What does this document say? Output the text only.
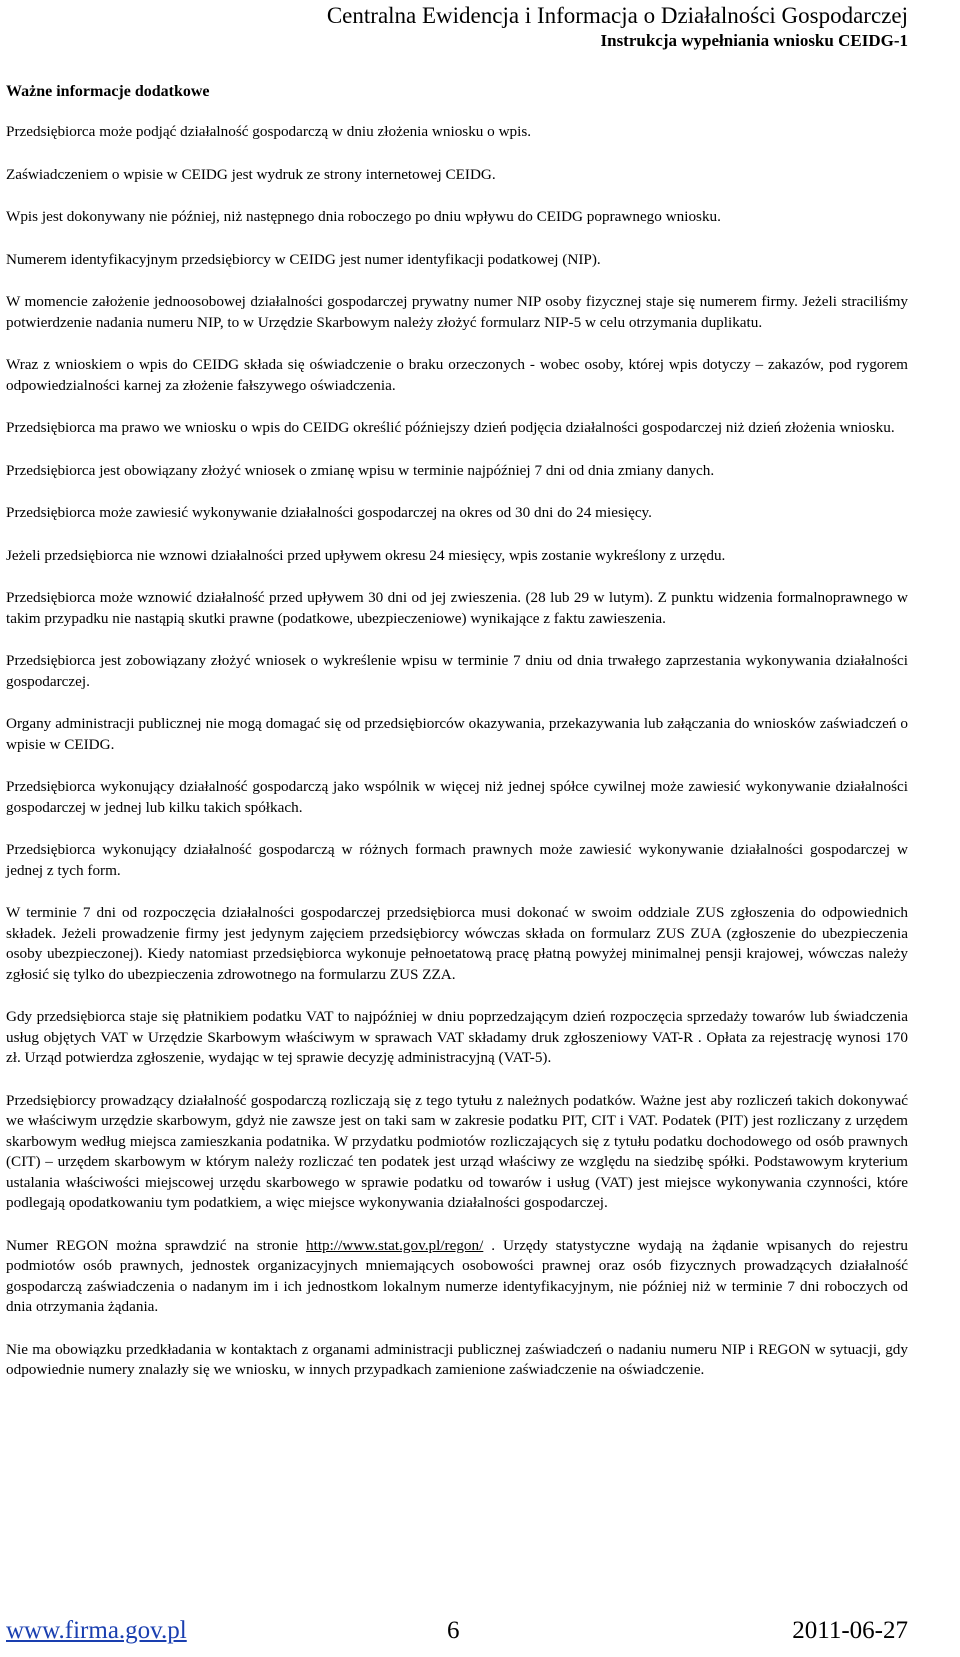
Centralna Ewidencja i Informacja o Działalności Gospodarczej
Instrukcja wypełniania wniosku CEIDG-1
Ważne informacje dodatkowe

Przedsiębiorca może podjąć działalność gospodarczą w dniu złożenia wniosku o wpis.

Zaświadczeniem o wpisie w CEIDG jest wydruk ze strony internetowej CEIDG.

Wpis jest dokonywany nie później, niż następnego dnia roboczego po dniu wpływu do CEIDG poprawnego wniosku.

Numerem identyfikacyjnym przedsiębiorcy w CEIDG jest numer identyfikacji podatkowej (NIP).

W momencie założenie jednoosobowej działalności gospodarczej prywatny numer NIP osoby fizycznej staje się numerem firmy. Jeżeli straciliśmy potwierdzenie nadania numeru NIP, to w Urzędzie Skarbowym należy złożyć formularz NIP-5 w celu otrzymania duplikatu.

Wraz z wnioskiem o wpis do CEIDG składa się oświadczenie o braku orzeczonych - wobec osoby, której wpis dotyczy – zakazów, pod rygorem odpowiedzialności karnej za złożenie fałszywego oświadczenia.

Przedsiębiorca ma prawo we wniosku o wpis do CEIDG określić późniejszy dzień podjęcia działalności gospodarczej niż dzień złożenia wniosku.

Przedsiębiorca jest obowiązany złożyć wniosek o zmianę wpisu w terminie najpóźniej 7 dni od dnia zmiany danych.

Przedsiębiorca może zawiesić wykonywanie działalności gospodarczej na okres od 30 dni do 24 miesięcy.

Jeżeli przedsiębiorca nie wznowi działalności przed upływem okresu 24 miesięcy, wpis zostanie wykreślony z urzędu.

Przedsiębiorca może wznowić działalność przed upływem 30 dni od jej zwieszenia. (28 lub 29 w lutym). Z punktu widzenia formalnoprawnego w takim przypadku nie nastąpią skutki prawne (podatkowe, ubezpieczeniowe) wynikające z faktu zawieszenia.

Przedsiębiorca jest zobowiązany złożyć wniosek o wykreślenie wpisu w terminie 7 dniu od dnia trwałego zaprzestania wykonywania działalności gospodarczej.

Organy administracji publicznej nie mogą domagać się od przedsiębiorców okazywania, przekazywania lub załączania do wniosków zaświadczeń o wpisie w CEIDG.

Przedsiębiorca wykonujący działalność gospodarczą jako wspólnik w więcej niż jednej spółce cywilnej może zawiesić wykonywanie działalności gospodarczej w jednej lub kilku takich spółkach.

Przedsiębiorca wykonujący działalność gospodarczą w różnych formach prawnych może zawiesić wykonywanie działalności gospodarczej w jednej z tych form.

W terminie 7 dni od rozpoczęcia działalności gospodarczej przedsiębiorca musi dokonać w swoim oddziale ZUS zgłoszenia do odpowiednich składek. Jeżeli prowadzenie firmy jest jedynym zajęciem przedsiębiorcy wówczas składa on formularz ZUS ZUA (zgłoszenie do ubezpieczenia osoby ubezpieczonej). Kiedy natomiast przedsiębiorca wykonuje pełnoetatową pracę płatną powyżej minimalnej pensji krajowej, wówczas należy zgłosić się tylko do ubezpieczenia zdrowotnego na formularzu ZUS ZZA.

Gdy przedsiębiorca staje się płatnikiem podatku VAT to najpóźniej w dniu poprzedzającym dzień rozpoczęcia sprzedaży towarów lub świadczenia usług objętych VAT w Urzędzie Skarbowym właściwym w sprawach VAT składamy druk zgłoszeniowy VAT-R . Opłata za rejestrację wynosi 170 zł. Urząd potwierdza zgłoszenie, wydając w tej sprawie decyzję administracyjną (VAT-5).

Przedsiębiorcy prowadzący działalność gospodarczą rozliczają się z tego tytułu z należnych podatków. Ważne jest aby rozliczeń takich dokonywać we właściwym urzędzie skarbowym, gdyż nie zawsze jest on taki sam w zakresie podatku PIT, CIT i VAT. Podatek (PIT) jest rozliczany z urzędem skarbowym według miejsca zamieszkania podatnika. W przydatku podmiotów rozliczających się z tytułu podatku dochodowego od osób prawnych (CIT) – urzędem skarbowym w którym należy rozliczać ten podatek jest urząd właściwy ze względu na siedzibę spółki. Podstawowym kryterium ustalania właściwości miejscowej urzędu skarbowego w sprawie podatku od towarów i usług (VAT) jest miejsce wykonywania czynności, które podlegają opodatkowaniu tym podatkiem, a więc miejsce wykonywania działalności gospodarczej.

Numer REGON można sprawdzić na stronie http://www.stat.gov.pl/regon/ . Urzędy statystyczne wydają na żądanie wpisanych do rejestru podmiotów osób prawnych, jednostek organizacyjnych mniemających osobowości prawnej oraz osób fizycznych prowadzących działalność gospodarczą zaświadczenia o nadanym im i ich jednostkom lokalnym numerze identyfikacyjnym, nie później niż w terminie 7 dni roboczych od dnia otrzymania żądania.

Nie ma obowiązku przedkładania w kontaktach z organami administracji publicznej zaświadczeń o nadaniu numeru NIP i REGON w sytuacji, gdy odpowiednie numery znalazły się we wniosku, w innych przypadkach zamienione zaświadczenie na oświadczenie.

www.firma.gov.pl	6	2011-06-27
